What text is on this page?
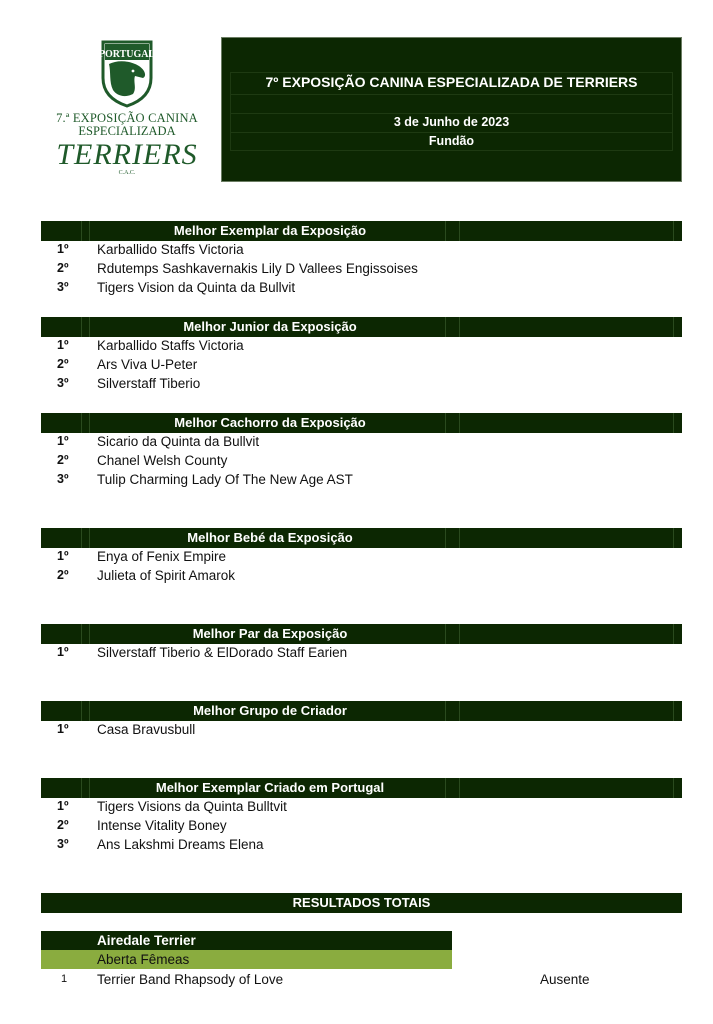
PORTUGAL
7.ª EXPOSIÇÃO CANINA
ESPECIALIZADA
TERRIERS
C.A.C.
7º EXPOSIÇÃO CANINA ESPECIALIZADA DE TERRIERS
3 de Junho de 2023
Fundão
Melhor Exemplar da Exposição
1º	Karballido Staffs Victoria
2º	Rdutemps Sashkavernakis Lily D Vallees Engissoises
3º	Tigers Vision da Quinta da Bullvit
Melhor Junior da Exposição
1º	Karballido Staffs Victoria
2º	Ars Viva U-Peter
3º	Silverstaff Tiberio
Melhor Cachorro da Exposição
1º	Sicario da Quinta da Bullvit
2º	Chanel Welsh County
3º	Tulip Charming Lady Of The New Age AST
Melhor Bebé da Exposição
1º	Enya of Fenix Empire
2º	Julieta of Spirit Amarok
Melhor Par da Exposição
1º	Silverstaff Tiberio & ElDorado Staff Earien
Melhor Grupo de Criador
1º	Casa Bravusbull
Melhor Exemplar Criado em Portugal
1º	Tigers Visions da Quinta Bulltvit
2º	Intense Vitality Boney
3º	Ans Lakshmi Dreams Elena
RESULTADOS TOTAIS
Airedale Terrier
Aberta Fêmeas
1 Terrier Band Rhapsody of Love	Ausente
